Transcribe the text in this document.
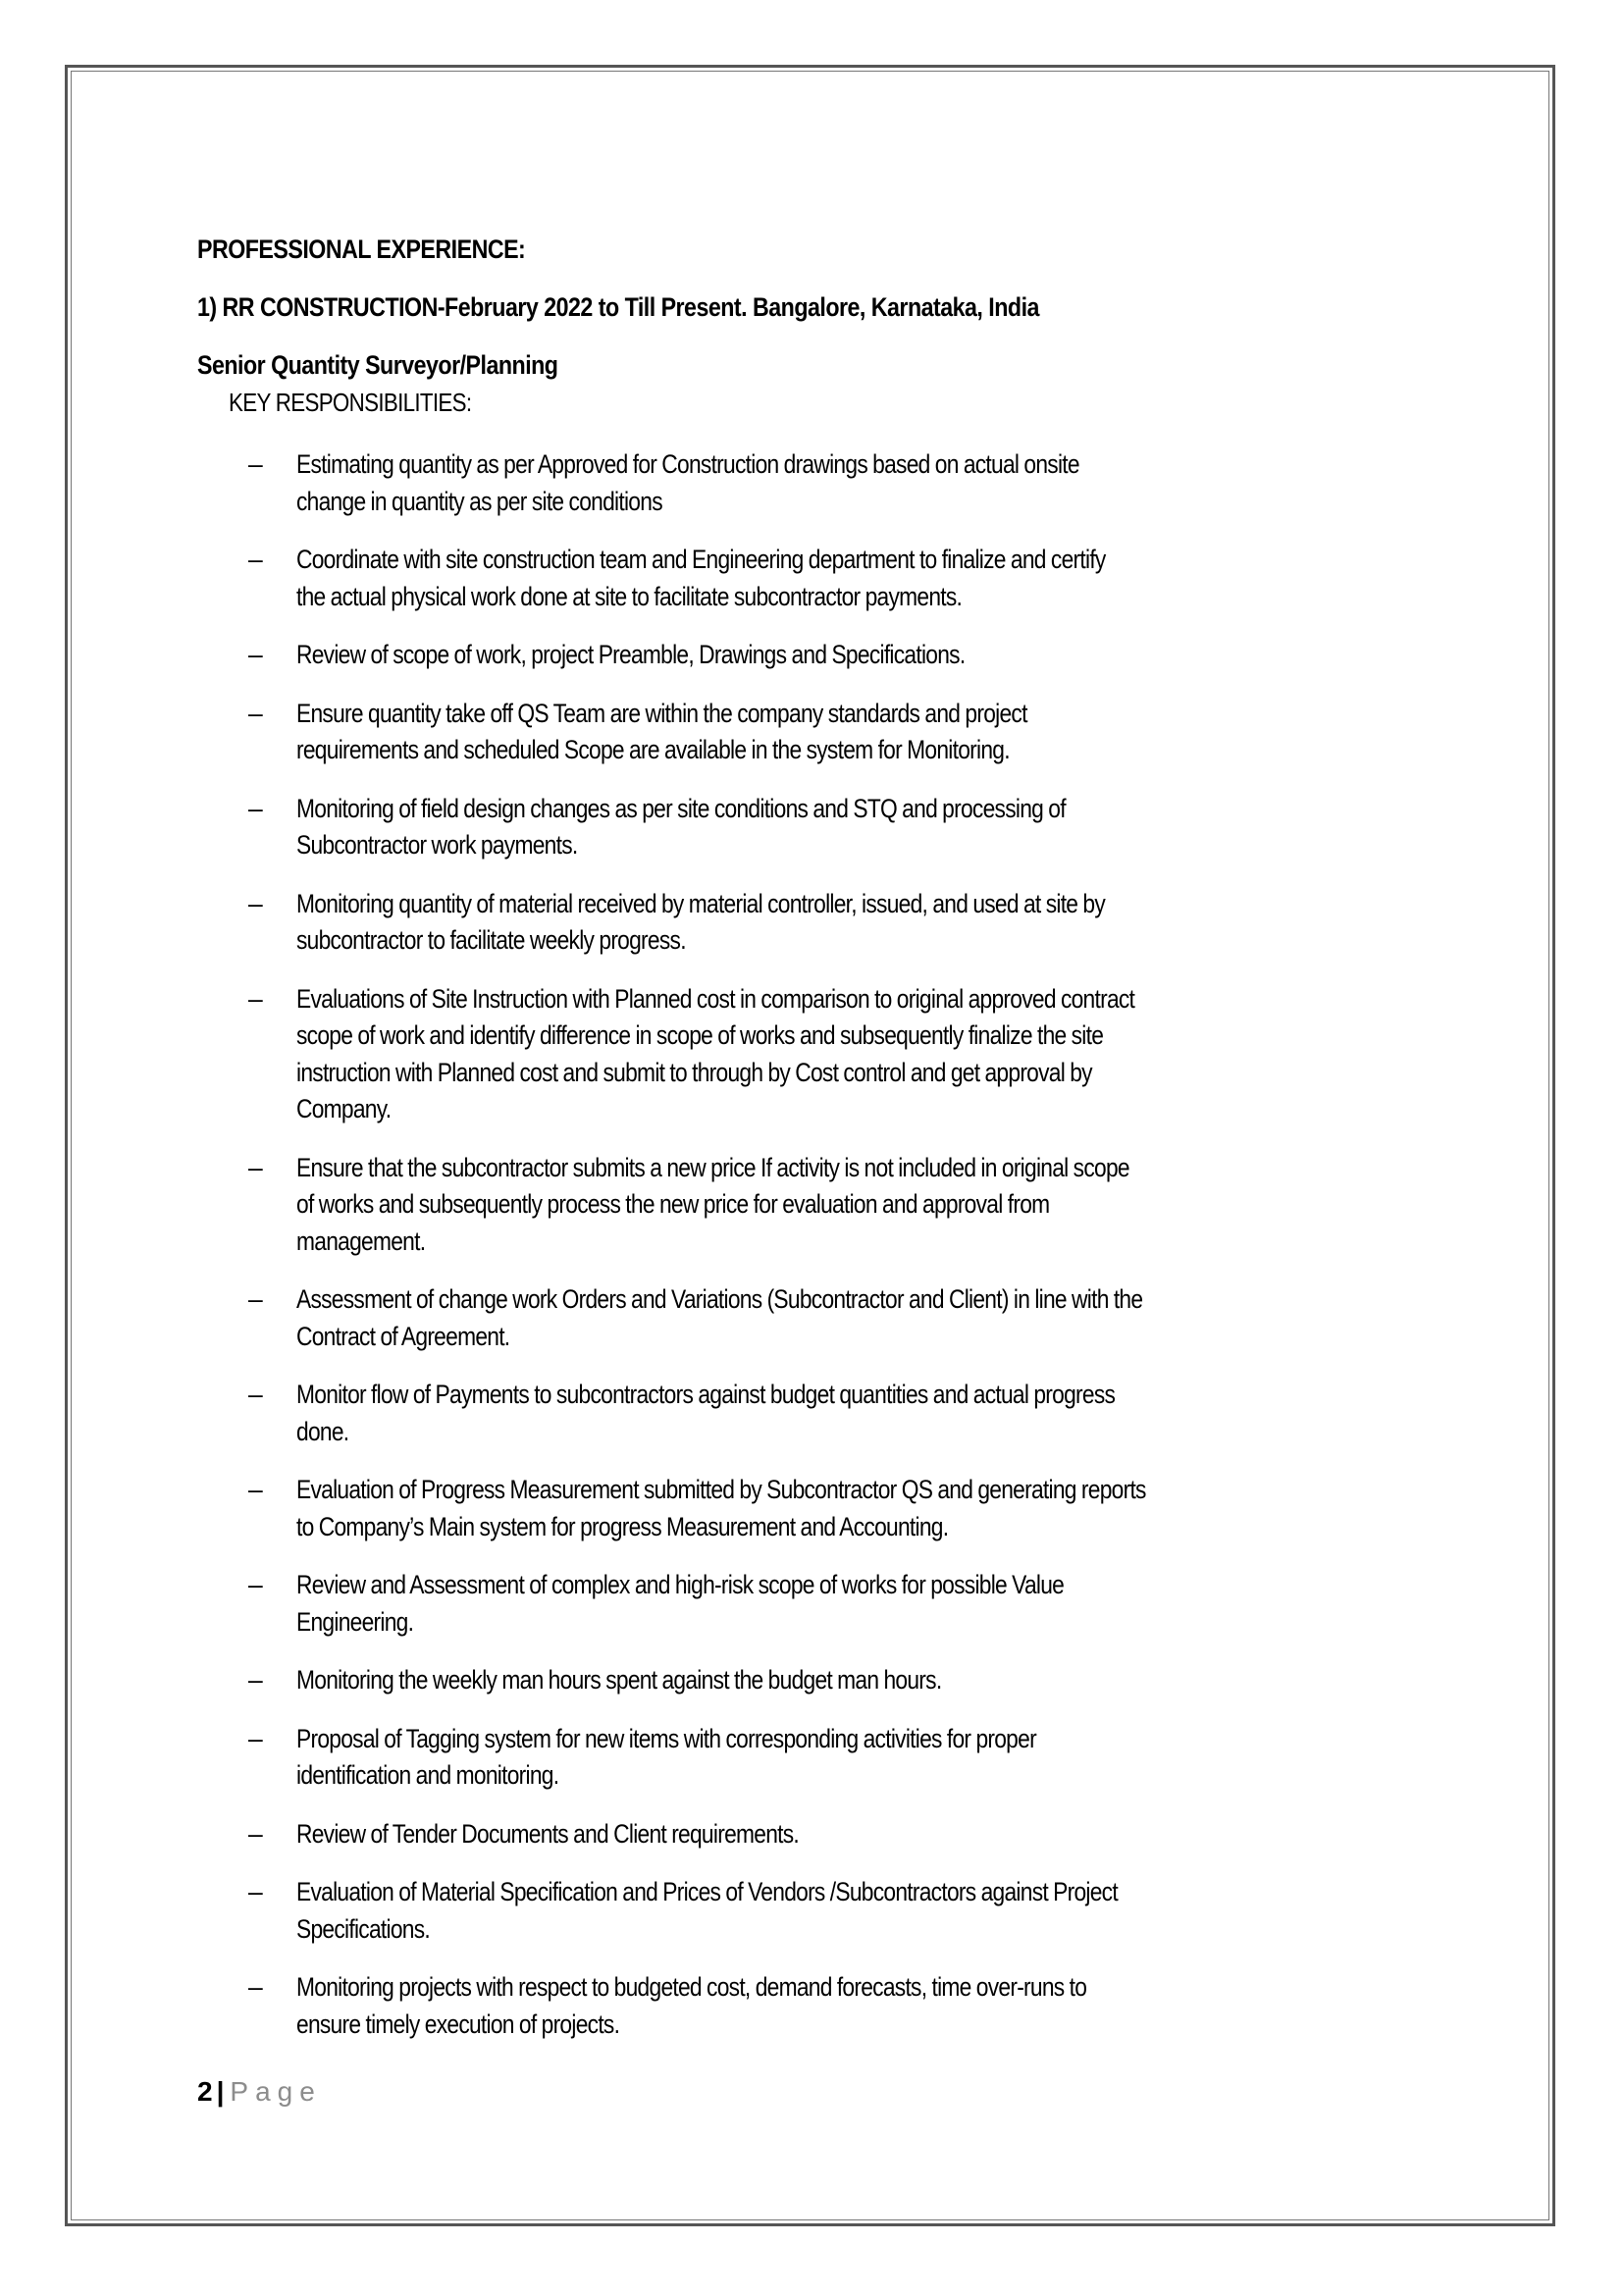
PROFESSIONAL EXPERIENCE:
1) RR CONSTRUCTION-February 2022 to Till Present. Bangalore, Karnataka, India
Senior Quantity Surveyor/Planning
KEY RESPONSIBILITIES:
– Estimating quantity as per Approved for Construction drawings based on actual onsite
change in quantity as per site conditions
– Coordinate with site construction team and Engineering department to finalize and certify
the actual physical work done at site to facilitate subcontractor payments.
– Review of scope of work, project Preamble, Drawings and Specifications.
– Ensure quantity take off QS Team are within the company standards and project
requirements and scheduled Scope are available in the system for Monitoring.
– Monitoring of field design changes as per site conditions and STQ and processing of
Subcontractor work payments.
– Monitoring quantity of material received by material controller, issued, and used at site by
subcontractor to facilitate weekly progress.
– Evaluations of Site Instruction with Planned cost in comparison to original approved contract
scope of work and identify difference in scope of works and subsequently finalize the site
instruction with Planned cost and submit to through by Cost control and get approval by
Company.
– Ensure that the subcontractor submits a new price If activity is not included in original scope
of works and subsequently process the new price for evaluation and approval from
management.
– Assessment of change work Orders and Variations (Subcontractor and Client) in line with the
Contract of Agreement.
– Monitor flow of Payments to subcontractors against budget quantities and actual progress
done.
– Evaluation of Progress Measurement submitted by Subcontractor QS and generating reports
to Company’s Main system for progress Measurement and Accounting.
– Review and Assessment of complex and high-risk scope of works for possible Value
Engineering.
– Monitoring the weekly man hours spent against the budget man hours.
– Proposal of Tagging system for new items with corresponding activities for proper
identification and monitoring.
– Review of Tender Documents and Client requirements.
– Evaluation of Material Specification and Prices of Vendors /Subcontractors against Project
Specifications.
– Monitoring projects with respect to budgeted cost, demand forecasts, time over-runs to
ensure timely execution of projects.
2 | Page
